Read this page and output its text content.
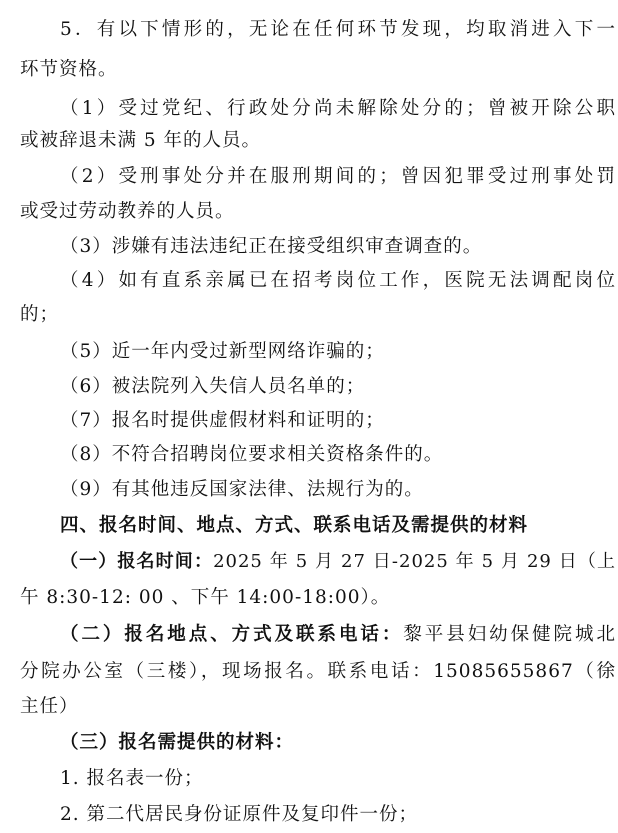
5．有以下情形的，无论在任何环节发现，均取消进入下一
环节资格。
（1）受过党纪、行政处分尚未解除处分的；曾被开除公职
或被辞退未满 5 年的人员。
（2）受刑事处分并在服刑期间的；曾因犯罪受过刑事处罚
或受过劳动教养的人员。
（3）涉嫌有违法违纪正在接受组织审查调查的。
（4）如有直系亲属已在招考岗位工作，医院无法调配岗位
的；
（5）近一年内受过新型网络诈骗的；
（6）被法院列入失信人员名单的；
（7）报名时提供虚假材料和证明的；
（8）不符合招聘岗位要求相关资格条件的。
（9）有其他违反国家法律、法规行为的。
四、报名时间、地点、方式、联系电话及需提供的材料
（一）报名时间：2025 年 5 月 27 日-2025 年 5 月 29 日（上
午 8:30-12: 00 、下午 14:00-18:00）。
（二）报名地点、方式及联系电话：黎平县妇幼保健院城北
分院办公室（三楼），现场报名。联系电话：15085655867（徐
主任）
（三）报名需提供的材料：
1. 报名表一份；
2. 第二代居民身份证原件及复印件一份；
